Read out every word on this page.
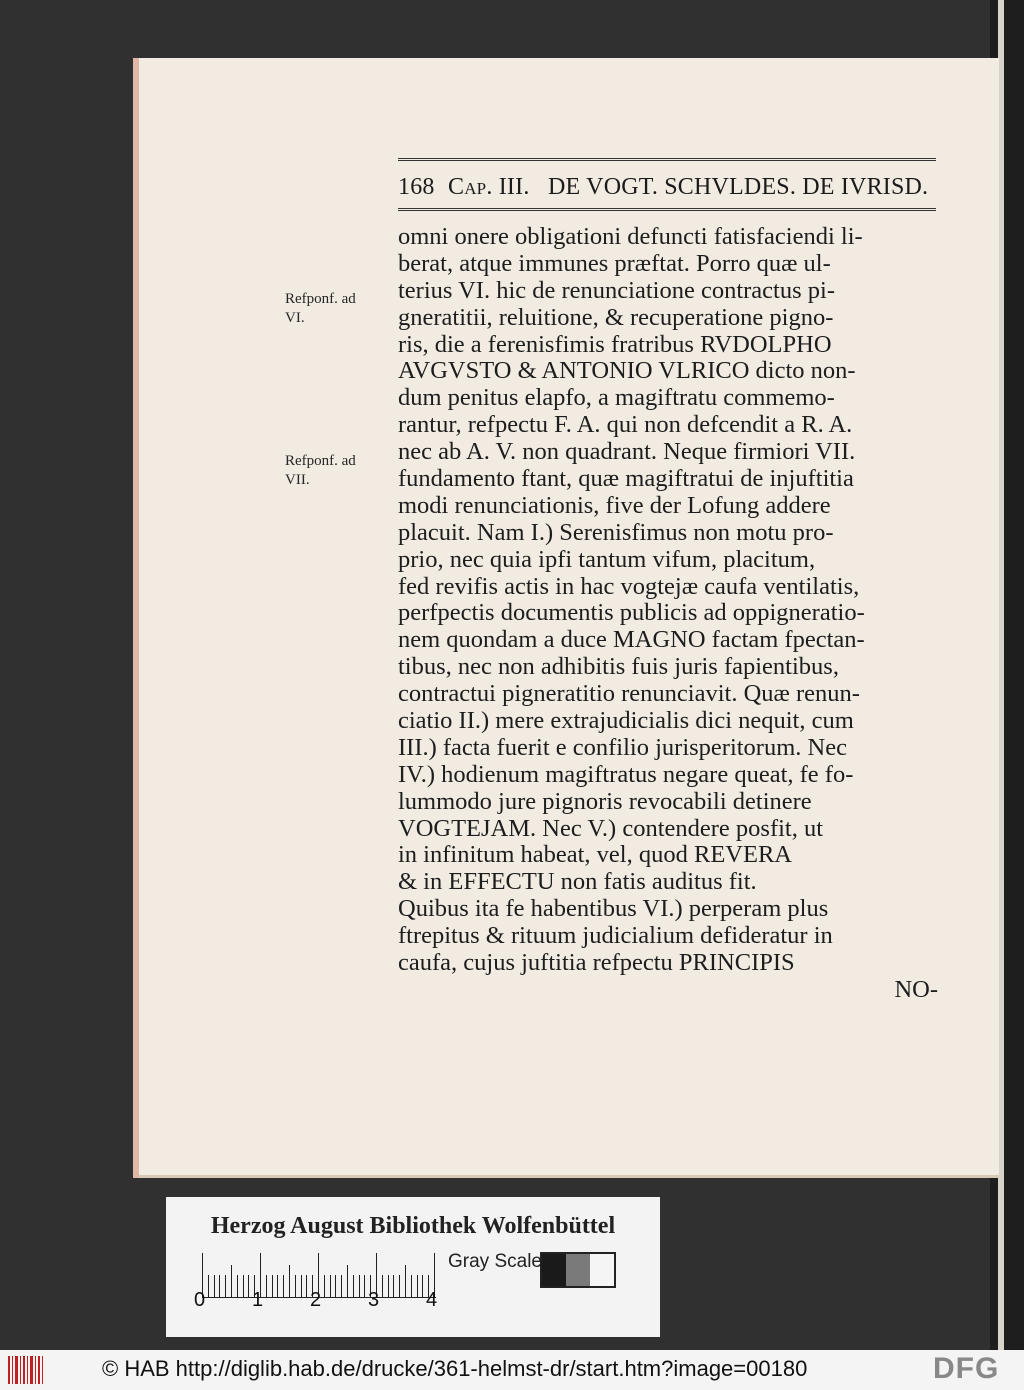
168 Cap. III. DE VOGT. SCHVLDES. DE IVRISD.
Refponf. ad
VI.
Refponf. ad
VII.
omni onere obligationi defuncti fatisfaciendi li-
berat, atque immunes præftat. Porro quæ ul-
terius VI. hic de renunciatione contractus pi-
gneratitii, reluitione, & recuperatione pigno-
ris, die a ferenisfimis fratribus RVDOLPHO
AVGVSTO & ANTONIO VLRICO dicto non-
dum penitus elapfo, a magiftratu commemo-
rantur, refpectu F. A. qui non defcendit a R. A.
nec ab A. V. non quadrant. Neque firmiori VII.
fundamento ftant, quæ magiftratui de injuftitia
modi renunciationis, five der Lofung addere
placuit. Nam I.) Serenisfimus non motu pro-
prio, nec quia ipfi tantum vifum, placitum,
fed revifis actis in hac vogtejæ caufa ventilatis,
perfpectis documentis publicis ad oppigneratio-
nem quondam a duce MAGNO factam fpectan-
tibus, nec non adhibitis fuis juris fapientibus,
contractui pigneratitio renunciavit. Quæ renun-
ciatio II.) mere extrajudicialis dici nequit, cum
III.) facta fuerit e confilio jurisperitorum. Nec
IV.) hodienum magiftratus negare queat, fe fo-
lummodo jure pignoris revocabili detinere
VOGTEJAM. Nec V.) contendere posfit, ut
in infinitum habeat, vel, quod REVERA
& in EFFECTU non fatis auditus fit.
Quibus ita fe habentibus VI.) perperam plus
ftrepitus & rituum judicialium defideratur in
caufa, cujus juftitia refpectu PRINCIPIS
NO-
Herzog August Bibliothek Wolfenbüttel
0 1 2 3 4
Gray Scale
© HAB http://diglib.hab.de/drucke/361-helmst-dr/start.htm?image=00180	DFG
